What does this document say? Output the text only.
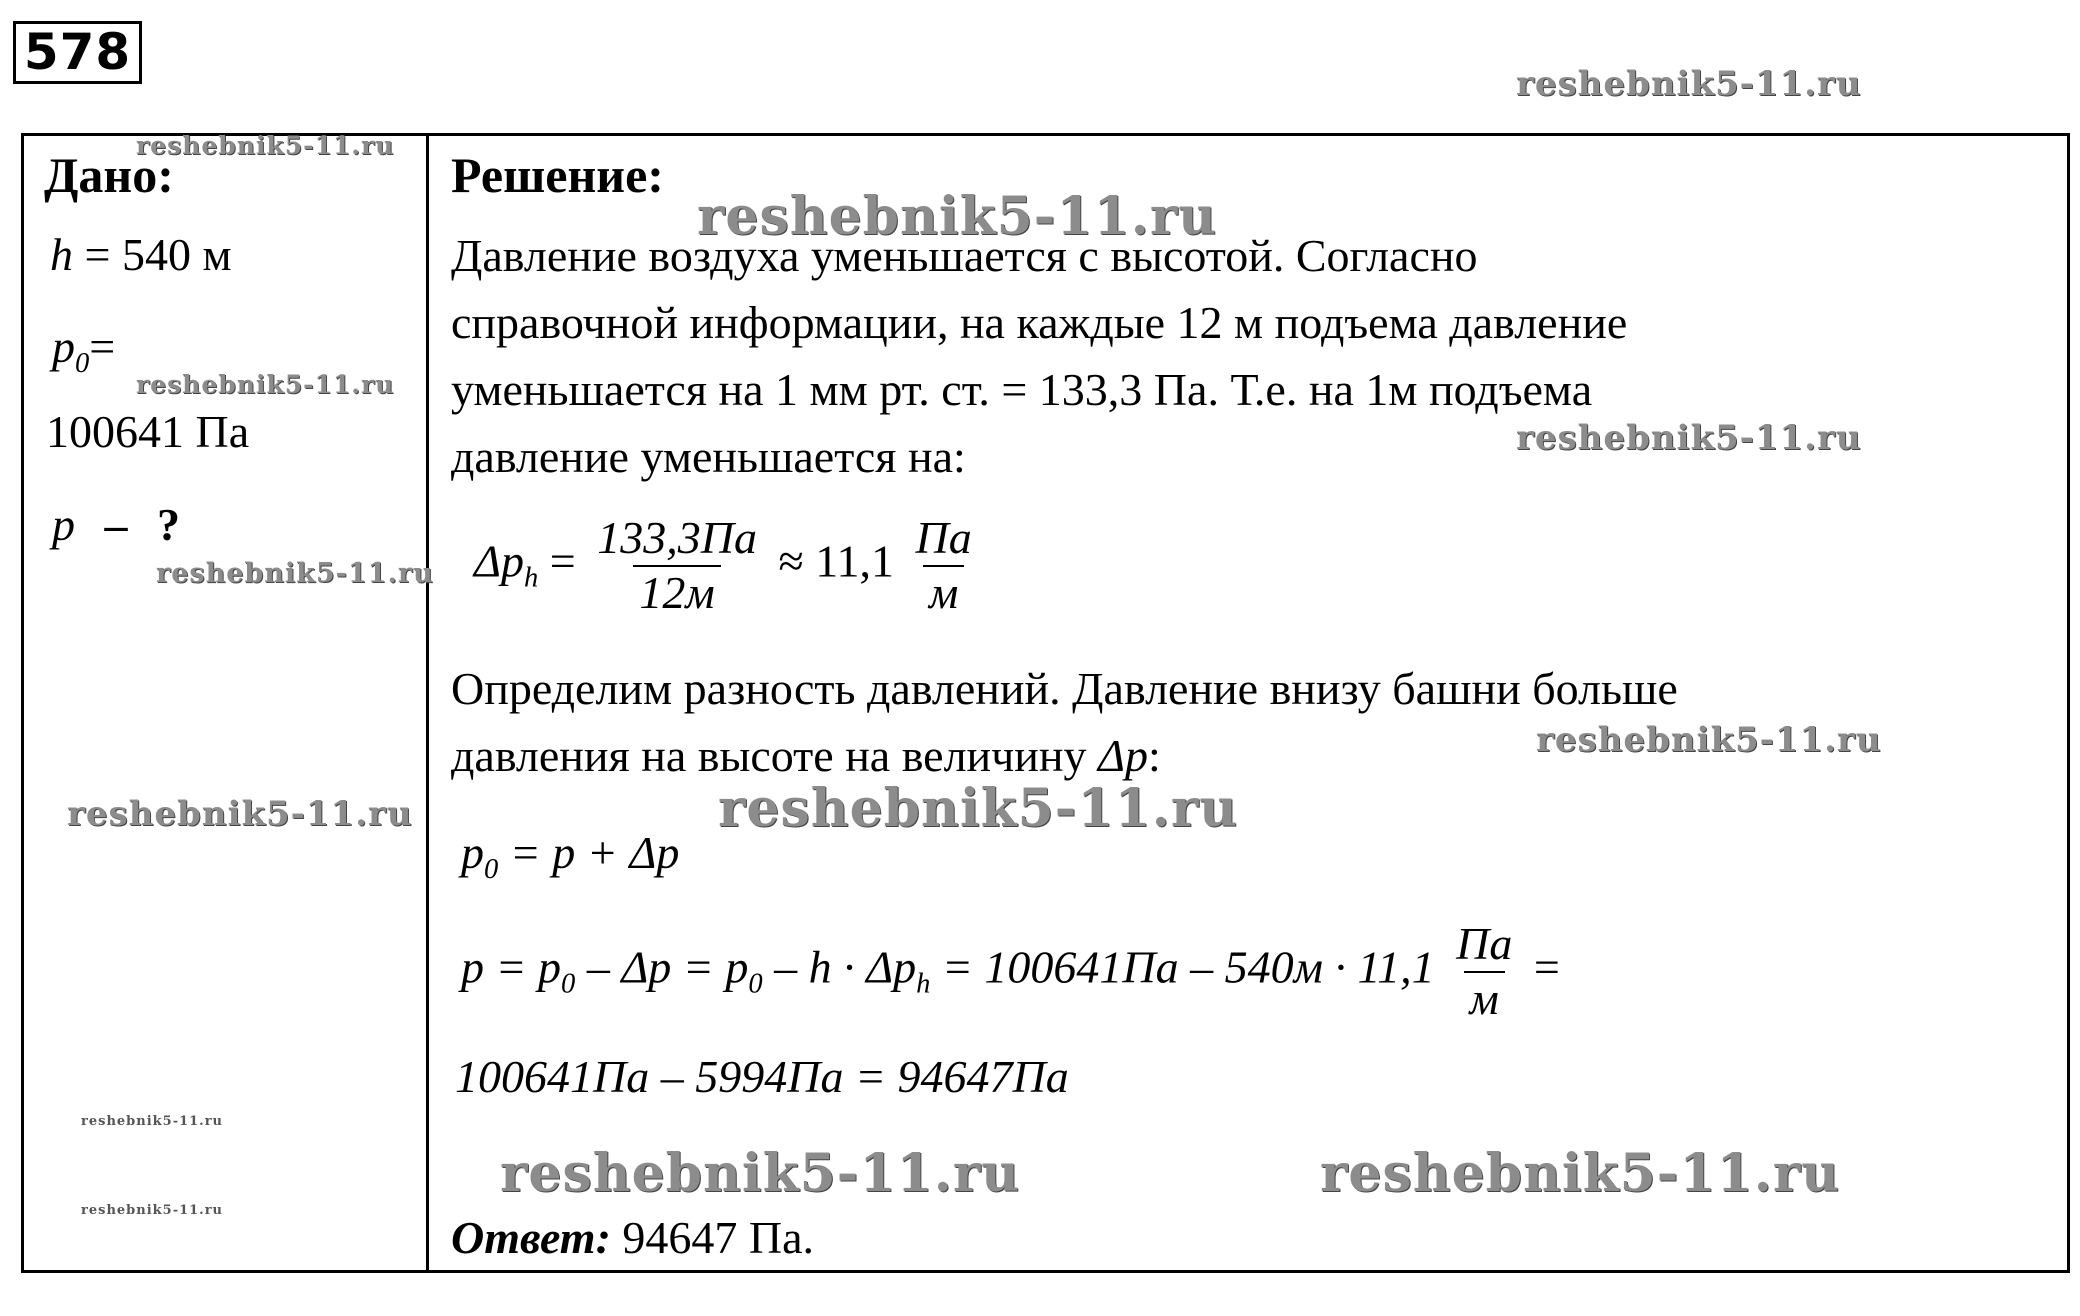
578
reshebnik5-11.ru
reshebnik5-11.ru
reshebnik5-11.ru
reshebnik5-11.ru
reshebnik5-11.ru
reshebnik5-11.ru
reshebnik5-11.ru
reshebnik5-11.ru	reshebnik5-11.ru
reshebnik5-11.ru
reshebnik5-11.ru
reshebnik5-11.ru	reshebnik5-11.ru
Дано:
h = 540 м
$p_0=$
100641 Па
p – ?
Решение:
Давление воздуха уменьшается с высотой. Согласно
справочной информации, на каждые 12 м подъема давление
уменьшается на 1 мм рт. ст. = 133,3 Па. Т.е. на 1м подъема
давление уменьшается на:
$\Delta p_h = \frac{133,3Па}{12м} \approx 11,1 \frac{Па}{м}$
Определим разность давлений. Давление внизу башни больше
давления на высоте на величину Δp:
$p_0 = p + \Delta p$
$p = p_0 - \Delta p = p_0 - h \cdot \Delta p_h = 100641Па - 540м \cdot 11,1 \frac{Па}{м}$ =
100641Па – 5994Па = 94647Па
Ответ: 94647 Па.
